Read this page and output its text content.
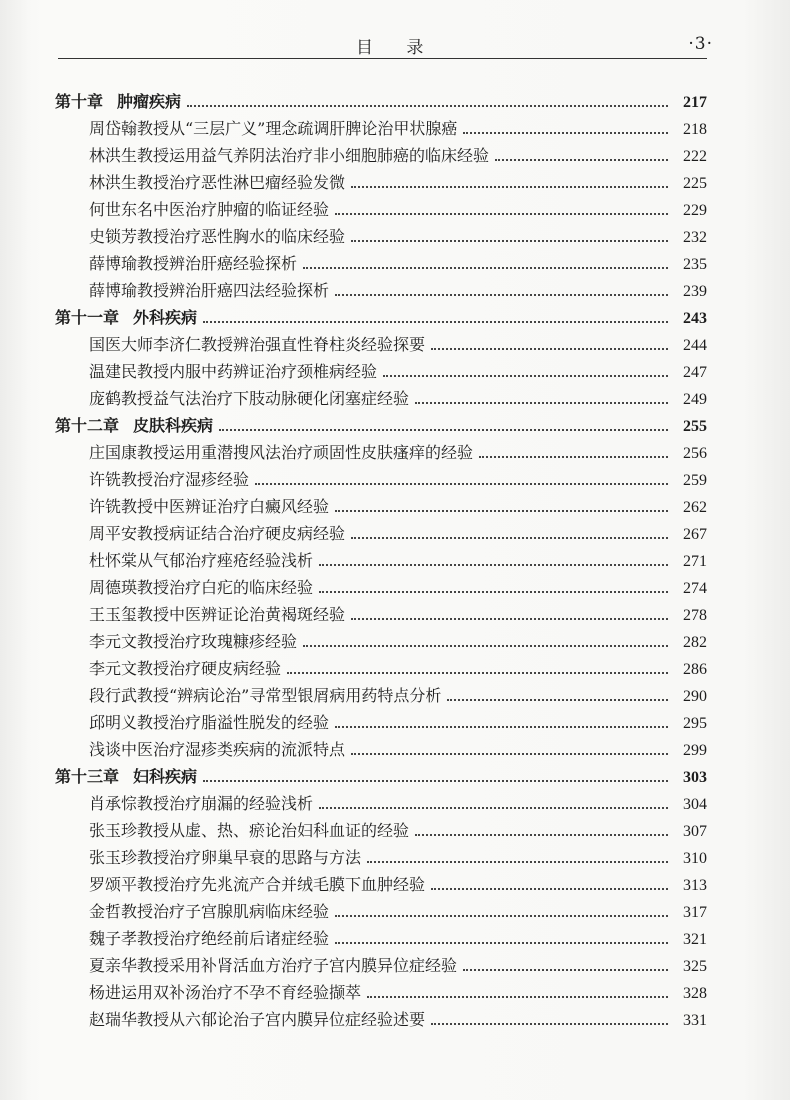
目 录	·3·
第十章 肿瘤疾病	217
周岱翰教授从“三层广义”理念疏调肝脾论治甲状腺癌	218
林洪生教授运用益气养阴法治疗非小细胞肺癌的临床经验	222
林洪生教授治疗恶性淋巴瘤经验发微	225
何世东名中医治疗肿瘤的临证经验	229
史锁芳教授治疗恶性胸水的临床经验	232
薛博瑜教授辨治肝癌经验探析	235
薛博瑜教授辨治肝癌四法经验探析	239
第十一章 外科疾病	243
国医大师李济仁教授辨治强直性脊柱炎经验探要	244
温建民教授内服中药辨证治疗颈椎病经验	247
庞鹤教授益气法治疗下肢动脉硬化闭塞症经验	249
第十二章 皮肤科疾病	255
庄国康教授运用重潜搜风法治疗顽固性皮肤瘙痒的经验	256
许铣教授治疗湿疹经验	259
许铣教授中医辨证治疗白癜风经验	262
周平安教授病证结合治疗硬皮病经验	267
杜怀棠从气郁治疗痤疮经验浅析	271
周德瑛教授治疗白疕的临床经验	274
王玉玺教授中医辨证论治黄褐斑经验	278
李元文教授治疗玫瑰糠疹经验	282
李元文教授治疗硬皮病经验	286
段行武教授“辨病论治”寻常型银屑病用药特点分析	290
邱明义教授治疗脂溢性脱发的经验	295
浅谈中医治疗湿疹类疾病的流派特点	299
第十三章 妇科疾病	303
肖承悰教授治疗崩漏的经验浅析	304
张玉珍教授从虚、热、瘀论治妇科血证的经验	307
张玉珍教授治疗卵巢早衰的思路与方法	310
罗颂平教授治疗先兆流产合并绒毛膜下血肿经验	313
金哲教授治疗子宫腺肌病临床经验	317
魏子孝教授治疗绝经前后诸症经验	321
夏亲华教授采用补肾活血方治疗子宫内膜异位症经验	325
杨进运用双补汤治疗不孕不育经验撷萃	328
赵瑞华教授从六郁论治子宫内膜异位症经验述要	331
